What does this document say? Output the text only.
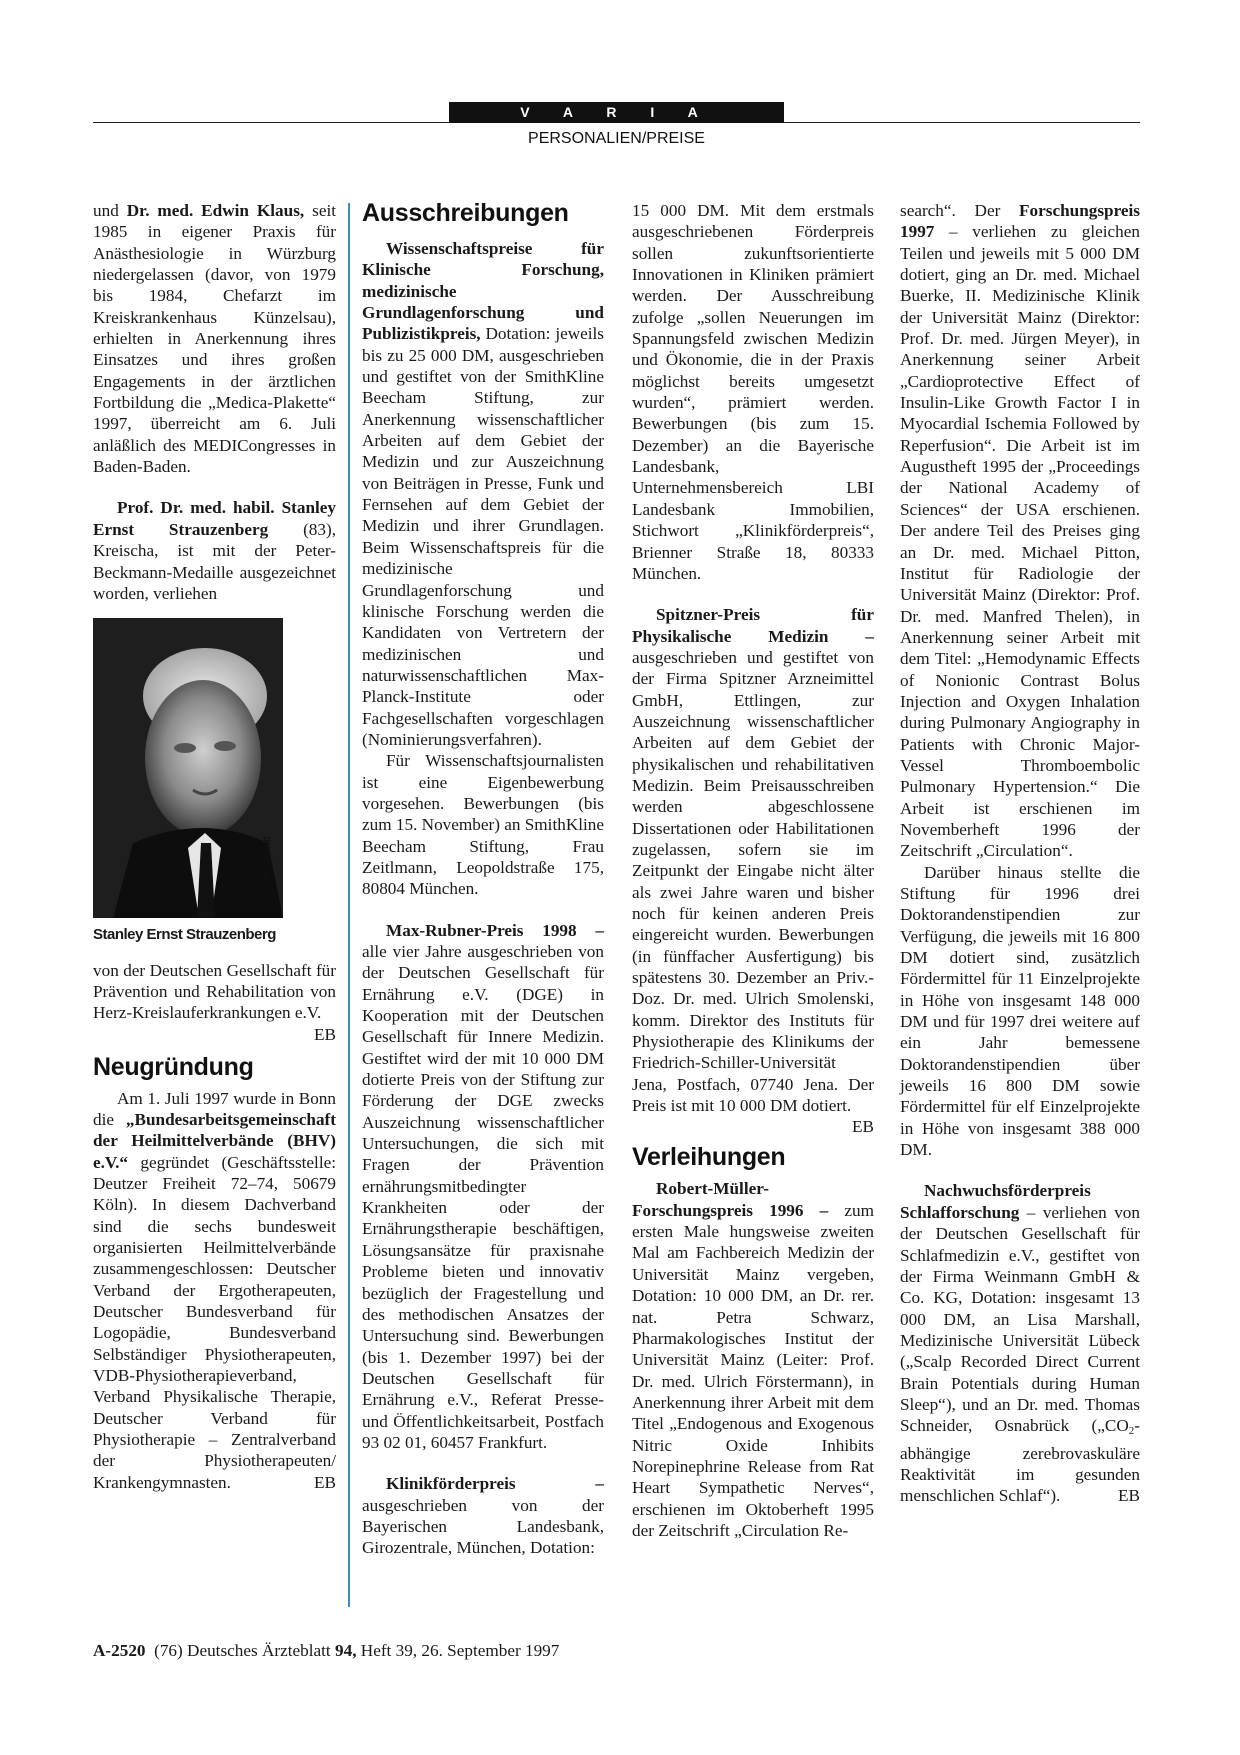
V A R I A
PERSONALIEN/PREISE

und Dr. med. Edwin Klaus, seit 1985 in eigener Praxis für Anästhesiologie in Würzburg niedergelassen (davor, von 1979 bis 1984, Chefarzt im Kreiskrankenhaus Künzelsau), erhielten in Anerkennung ihres Einsatzes und ihres großen Engagements in der ärztlichen Fortbildung die „Medica-Plakette“ 1997, überreicht am 6. Juli anläßlich des MEDICongresses in Baden-Baden.

Prof. Dr. med. habil. Stanley Ernst Strauzenberg (83), Kreischa, ist mit der Peter-Beckmann-Medaille ausgezeichnet worden, verliehen

Foto: privat
Stanley Ernst Strauzenberg

von der Deutschen Gesellschaft für Prävention und Rehabilitation von Herz-Kreislauferkrankungen e.V.
EB

Neugründung

Am 1. Juli 1997 wurde in Bonn die „Bundesarbeitsgemeinschaft der Heilmittelverbände (BHV) e.V.“ gegründet (Geschäftsstelle: Deutzer Freiheit 72–74, 50679 Köln). In diesem Dachverband sind die sechs bundesweit organisierten Heilmittelverbände zusammengeschlossen: Deutscher Verband der Ergotherapeuten, Deutscher Bundesverband für Logopädie, Bundesverband Selbständiger Physiotherapeuten, VDB-Physiotherapieverband, Verband Physikalische Therapie, Deutscher Verband für Physiotherapie – Zentralverband der Physiotherapeuten/ Krankengymnasten.	EB

Ausschreibungen

Wissenschaftspreise für Klinische Forschung, medizinische Grundlagenforschung und Publizistikpreis, Dotation: jeweils bis zu 25 000 DM, ausgeschrieben und gestiftet von der SmithKline Beecham Stiftung, zur Anerkennung wissenschaftlicher Arbeiten auf dem Gebiet der Medizin und zur Auszeichnung von Beiträgen in Presse, Funk und Fernsehen auf dem Gebiet der Medizin und ihrer Grundlagen. Beim Wissenschaftspreis für die medizinische Grundlagenforschung und klinische Forschung werden die Kandidaten von Vertretern der medizinischen und naturwissenschaftlichen Max-Planck-Institute oder Fachgesellschaften vorgeschlagen (Nominierungsverfahren).

Für Wissenschaftsjournalisten ist eine Eigenbewerbung vorgesehen. Bewerbungen (bis zum 15. November) an SmithKline Beecham Stiftung, Frau Zeitlmann, Leopoldstraße 175, 80804 München.

Max-Rubner-Preis 1998 – alle vier Jahre ausgeschrieben von der Deutschen Gesellschaft für Ernährung e.V. (DGE) in Kooperation mit der Deutschen Gesellschaft für Innere Medizin. Gestiftet wird der mit 10 000 DM dotierte Preis von der Stiftung zur Förderung der DGE zwecks Auszeichnung wissenschaftlicher Untersuchungen, die sich mit Fragen der Prävention ernährungsmitbedingter Krankheiten oder der Ernährungstherapie beschäftigen, Lösungsansätze für praxisnahe Probleme bieten und innovativ bezüglich der Fragestellung und des methodischen Ansatzes der Untersuchung sind. Bewerbungen (bis 1. Dezember 1997) bei der Deutschen Gesellschaft für Ernährung e.V., Referat Presse- und Öffentlichkeitsarbeit, Postfach 93 02 01, 60457 Frankfurt.

Klinikförderpreis – ausgeschrieben von der Bayerischen Landesbank, Girozentrale, München, Dotation:

15 000 DM. Mit dem erstmals ausgeschriebenen Förderpreis sollen zukunftsorientierte Innovationen in Kliniken prämiert werden. Der Ausschreibung zufolge „sollen Neuerungen im Spannungsfeld zwischen Medizin und Ökonomie, die in der Praxis möglichst bereits umgesetzt wurden“, prämiert werden. Bewerbungen (bis zum 15. Dezember) an die Bayerische Landesbank, Unternehmensbereich LBI Landesbank Immobilien, Stichwort „Klinikförderpreis“, Brienner Straße 18, 80333 München.

Spitzner-Preis für Physikalische Medizin – ausgeschrieben und gestiftet von der Firma Spitzner Arzneimittel GmbH, Ettlingen, zur Auszeichnung wissenschaftlicher Arbeiten auf dem Gebiet der physikalischen und rehabilitativen Medizin. Beim Preisausschreiben werden abgeschlossene Dissertationen oder Habilitationen zugelassen, sofern sie im Zeitpunkt der Eingabe nicht älter als zwei Jahre waren und bisher noch für keinen anderen Preis eingereicht wurden. Bewerbungen (in fünffacher Ausfertigung) bis spätestens 30. Dezember an Priv.-Doz. Dr. med. Ulrich Smolenski, komm. Direktor des Instituts für Physiotherapie des Klinikums der Friedrich-Schiller-Universität Jena, Postfach, 07740 Jena. Der Preis ist mit 10 000 DM dotiert.
EB

Verleihungen

Robert-Müller-Forschungspreis 1996 – zum ersten Male hungsweise zweiten Mal am Fachbereich Medizin der Universität Mainz vergeben, Dotation: 10 000 DM, an Dr. rer. nat. Petra Schwarz, Pharmakologisches Institut der Universität Mainz (Leiter: Prof. Dr. med. Ulrich Förstermann), in Anerkennung ihrer Arbeit mit dem Titel „Endogenous and Exogenous Nitric Oxide Inhibits Norepinephrine Release from Rat Heart Sympathetic Nerves“, erschienen im Oktoberheft 1995 der Zeitschrift „Circulation Re-

search“. Der Forschungspreis 1997 – verliehen zu gleichen Teilen und jeweils mit 5 000 DM dotiert, ging an Dr. med. Michael Buerke, II. Medizinische Klinik der Universität Mainz (Direktor: Prof. Dr. med. Jürgen Meyer), in Anerkennung seiner Arbeit „Cardioprotective Effect of Insulin-Like Growth Factor I in Myocardial Ischemia Followed by Reperfusion“. Die Arbeit ist im Augustheft 1995 der „Proceedings der National Academy of Sciences“ der USA erschienen. Der andere Teil des Preises ging an Dr. med. Michael Pitton, Institut für Radiologie der Universität Mainz (Direktor: Prof. Dr. med. Manfred Thelen), in Anerkennung seiner Arbeit mit dem Titel: „Hemodynamic Effects of Nonionic Contrast Bolus Injection and Oxygen Inhalation during Pulmonary Angiography in Patients with Chronic Major-Vessel Thromboembolic Pulmonary Hypertension.“ Die Arbeit ist erschienen im Novemberheft 1996 der Zeitschrift „Circulation“.

Darüber hinaus stellte die Stiftung für 1996 drei Doktorandenstipendien zur Verfügung, die jeweils mit 16 800 DM dotiert sind, zusätzlich Fördermittel für 11 Einzelprojekte in Höhe von insgesamt 148 000 DM und für 1997 drei weitere auf ein Jahr bemessene Doktorandenstipendien über jeweils 16 800 DM sowie Fördermittel für elf Einzelprojekte in Höhe von insgesamt 388 000 DM.

Nachwuchsförderpreis Schlafforschung – verliehen von der Deutschen Gesellschaft für Schlafmedizin e.V., gestiftet von der Firma Weinmann GmbH & Co. KG, Dotation: insgesamt 13 000 DM, an Lisa Marshall, Medizinische Universität Lübeck („Scalp Recorded Direct Current Brain Potentials during Human Sleep“), und an Dr. med. Thomas Schneider, Osnabrück ($„CO_2$-abhängige zerebrovaskuläre Reaktivität im gesunden menschlichen Schlaf“).	EB

A-2520 (76) Deutsches Ärzteblatt 94, Heft 39, 26. September 1997
